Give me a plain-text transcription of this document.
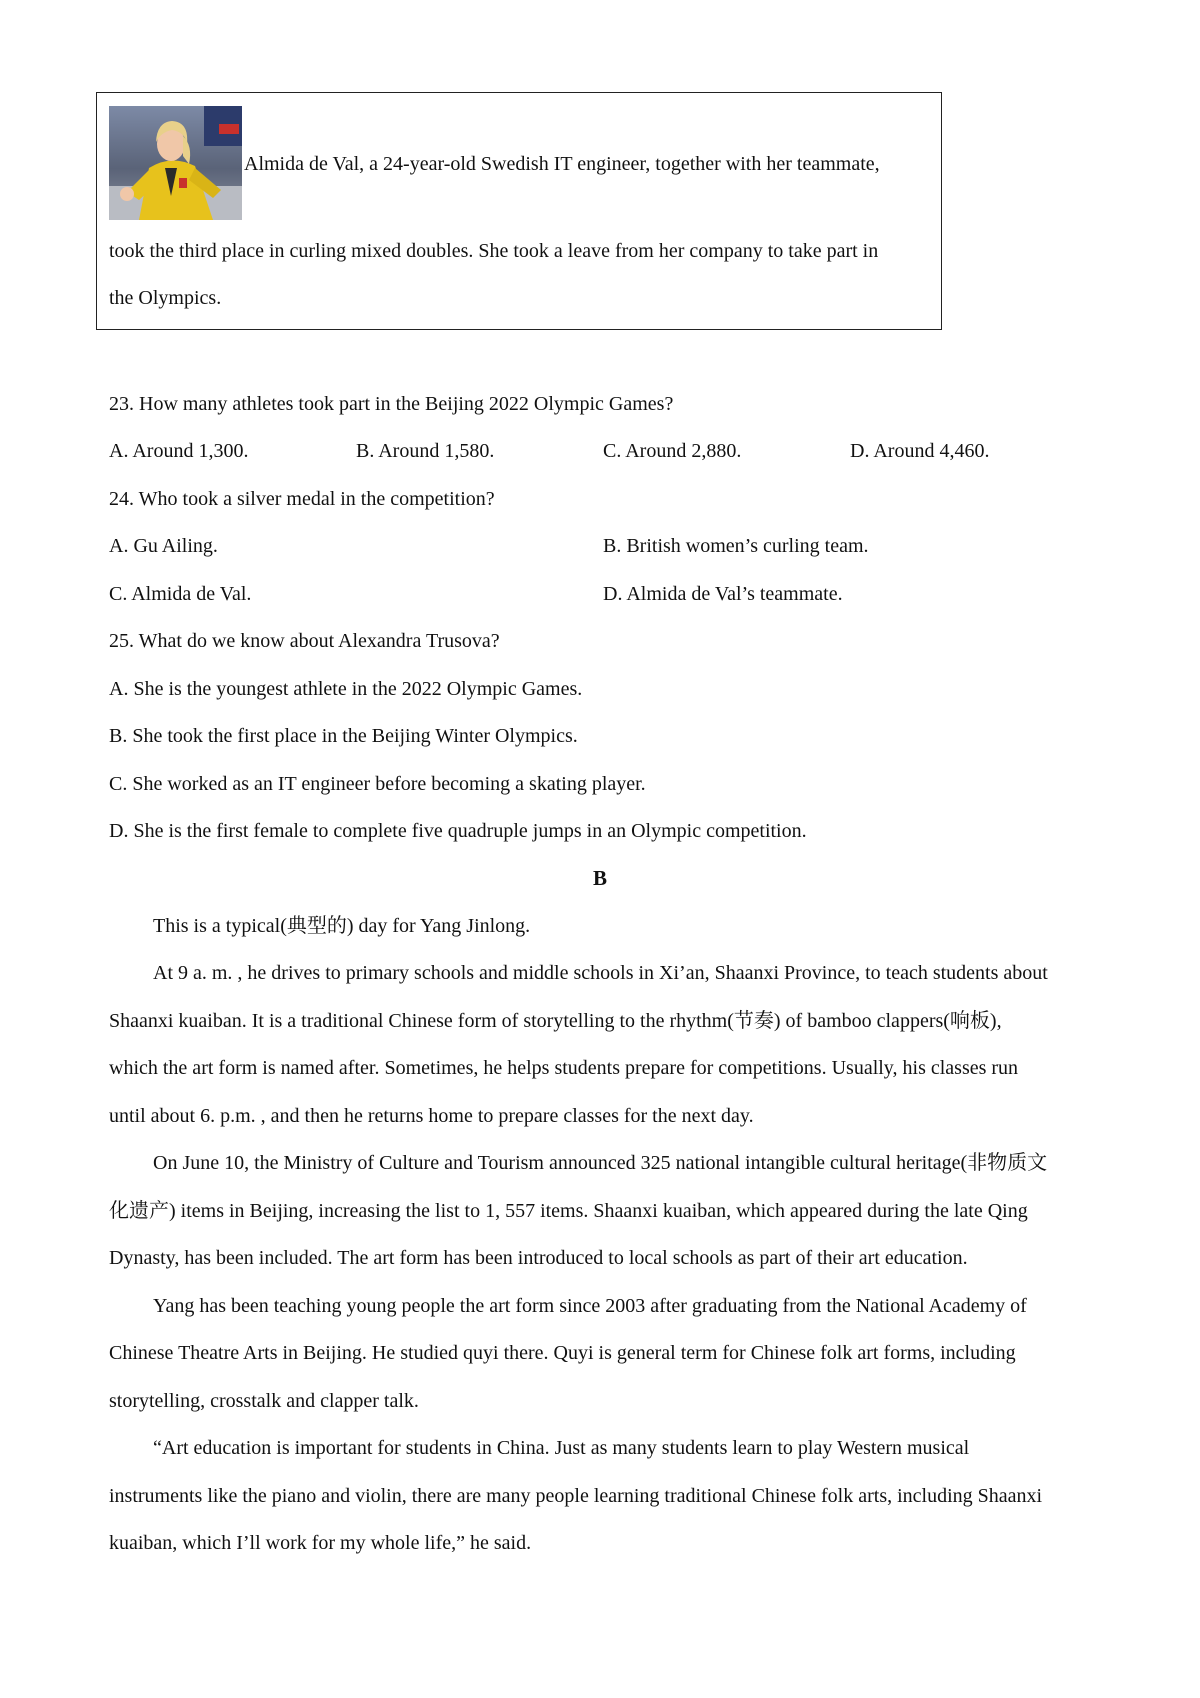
Almida de Val, a 24-year-old Swedish IT engineer, together with her teammate,
took the third place in curling mixed doubles. She took a leave from her company to take part in
the Olympics.
23. How many athletes took part in the Beijing 2022 Olympic Games?
A. Around 1,300.	B. Around 1,580.	C. Around 2,880.	D. Around 4,460.
24. Who took a silver medal in the competition?
A. Gu Ailing.	B. British women’s curling team.
C. Almida de Val.	D. Almida de Val’s teammate.
25. What do we know about Alexandra Trusova?
A. She is the youngest athlete in the 2022 Olympic Games.
B. She took the first place in the Beijing Winter Olympics.
C. She worked as an IT engineer before becoming a skating player.
D. She is the first female to complete five quadruple jumps in an Olympic competition.
B
This is a typical(典型的) day for Yang Jinlong.
At 9 a. m. , he drives to primary schools and middle schools in Xi’an, Shaanxi Province, to teach students about
Shaanxi kuaiban. It is a traditional Chinese form of storytelling to the rhythm(节奏) of bamboo clappers(响板),
which the art form is named after. Sometimes, he helps students prepare for competitions. Usually, his classes run
until about 6. p.m. , and then he returns home to prepare classes for the next day.
On June 10, the Ministry of Culture and Tourism announced 325 national intangible cultural heritage(非物质文
化遗产) items in Beijing, increasing the list to 1, 557 items. Shaanxi kuaiban, which appeared during the late Qing
Dynasty, has been included. The art form has been introduced to local schools as part of their art education.
Yang has been teaching young people the art form since 2003 after graduating from the National Academy of
Chinese Theatre Arts in Beijing. He studied quyi there. Quyi is general term for Chinese folk art forms, including
storytelling, crosstalk and clapper talk.
“Art education is important for students in China. Just as many students learn to play Western musical
instruments like the piano and violin, there are many people learning traditional Chinese folk arts, including Shaanxi
kuaiban, which I’ll work for my whole life,” he said.
